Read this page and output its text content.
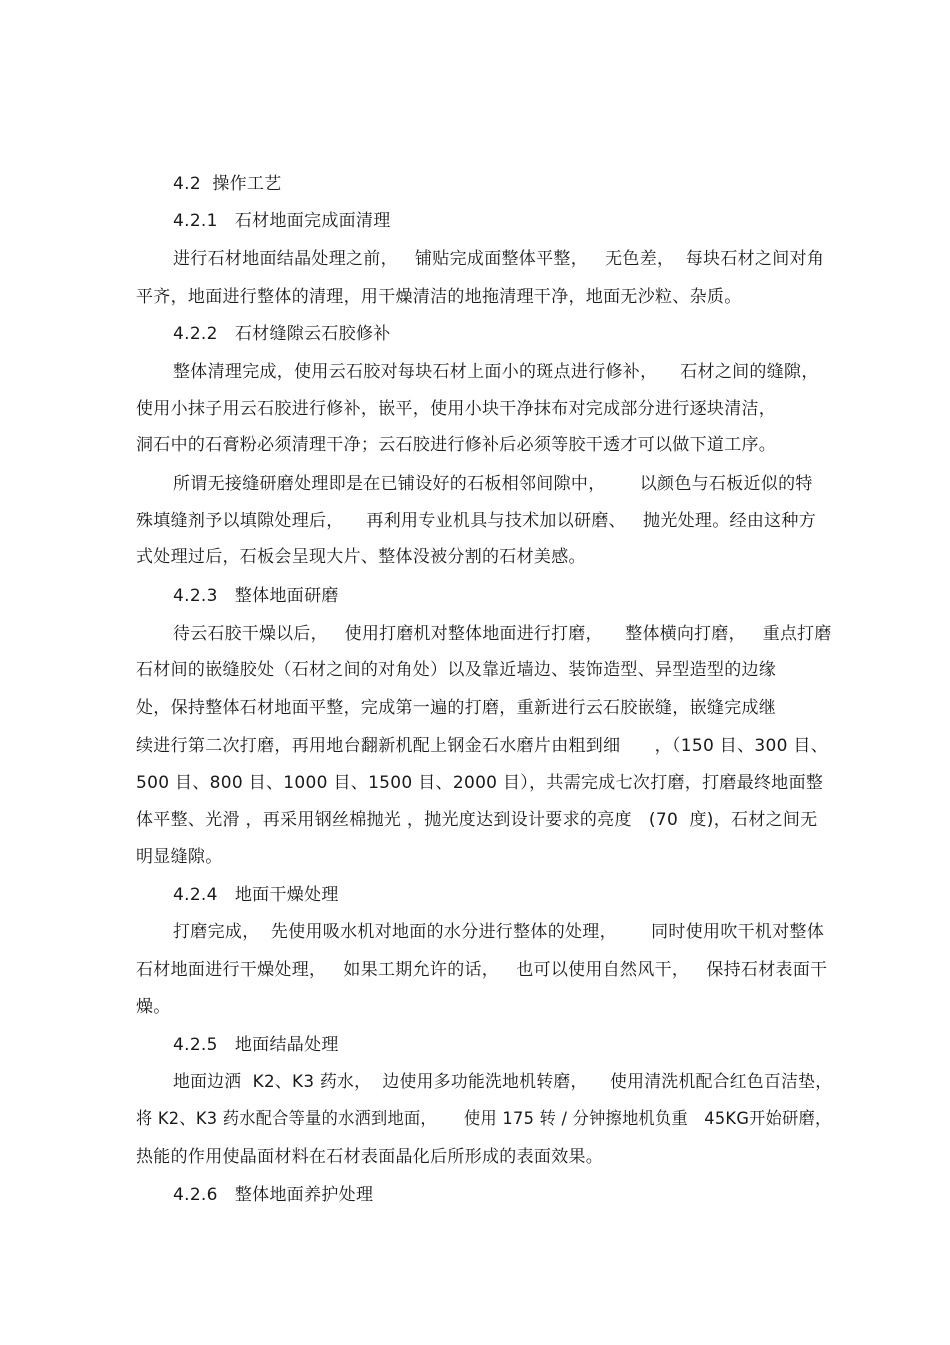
4.2  操作工艺

4.2.1   石材地面完成面清理

进行石材地面结晶处理之前，   铺贴完成面整体平整，   无色差，  每块石材之间对角

平齐，地面进行整体的清理，用干燥清洁的地拖清理干净，地面无沙粒、杂质。

4.2.2   石材缝隙云石胶修补

整体清理完成，使用云石胶对每块石材上面小的斑点进行修补，    石材之间的缝隙，

使用小抹子用云石胶进行修补，嵌平，使用小块干净抹布对完成部分进行逐块清洁，

洞石中的石膏粉必须清理干净；云石胶进行修补后必须等胶干透才可以做下道工序。

所谓无接缝研磨处理即是在已铺设好的石板相邻间隙中，      以颜色与石板近似的特

殊填缝剂予以填隙处理后，    再利用专业机具与技术加以研磨、   抛光处理。经由这种方

式处理过后，石板会呈现大片、整体没被分割的石材美感。

4.2.3   整体地面研磨

待云石胶干燥以后，   使用打磨机对整体地面进行打磨，    整体横向打磨，   重点打磨

石材间的嵌缝胶处（石材之间的对角处）以及靠近墙边、装饰造型、异型造型的边缘

处，保持整体石材地面平整，完成第一遍的打磨，重新进行云石胶嵌缝，嵌缝完成继

续进行第二次打磨，再用地台翻新机配上钢金石水磨片由粗到细      ，（150 目、300 目、

500 目、800 目、1000 目、1500 目、2000 目），共需完成七次打磨，打磨最终地面整

体平整、光滑 ，再采用钢丝棉抛光 ，抛光度达到设计要求的亮度   (70  度)，石材之间无

明显缝隙。

4.2.4   地面干燥处理

打磨完成，  先使用吸水机对地面的水分进行整体的处理，      同时使用吹干机对整体

石材地面进行干燥处理，   如果工期允许的话，   也可以使用自然风干，   保持石材表面干

燥。

4.2.5   地面结晶处理

地面边洒  K2、K3 药水，  边使用多功能洗地机转磨，    使用清洗机配合红色百洁垫，

将 K2、K3 药水配合等量的水洒到地面，     使用 175 转 / 分钟擦地机负重   45KG开始研磨，

热能的作用使晶面材料在石材表面晶化后所形成的表面效果。

4.2.6   整体地面养护处理
